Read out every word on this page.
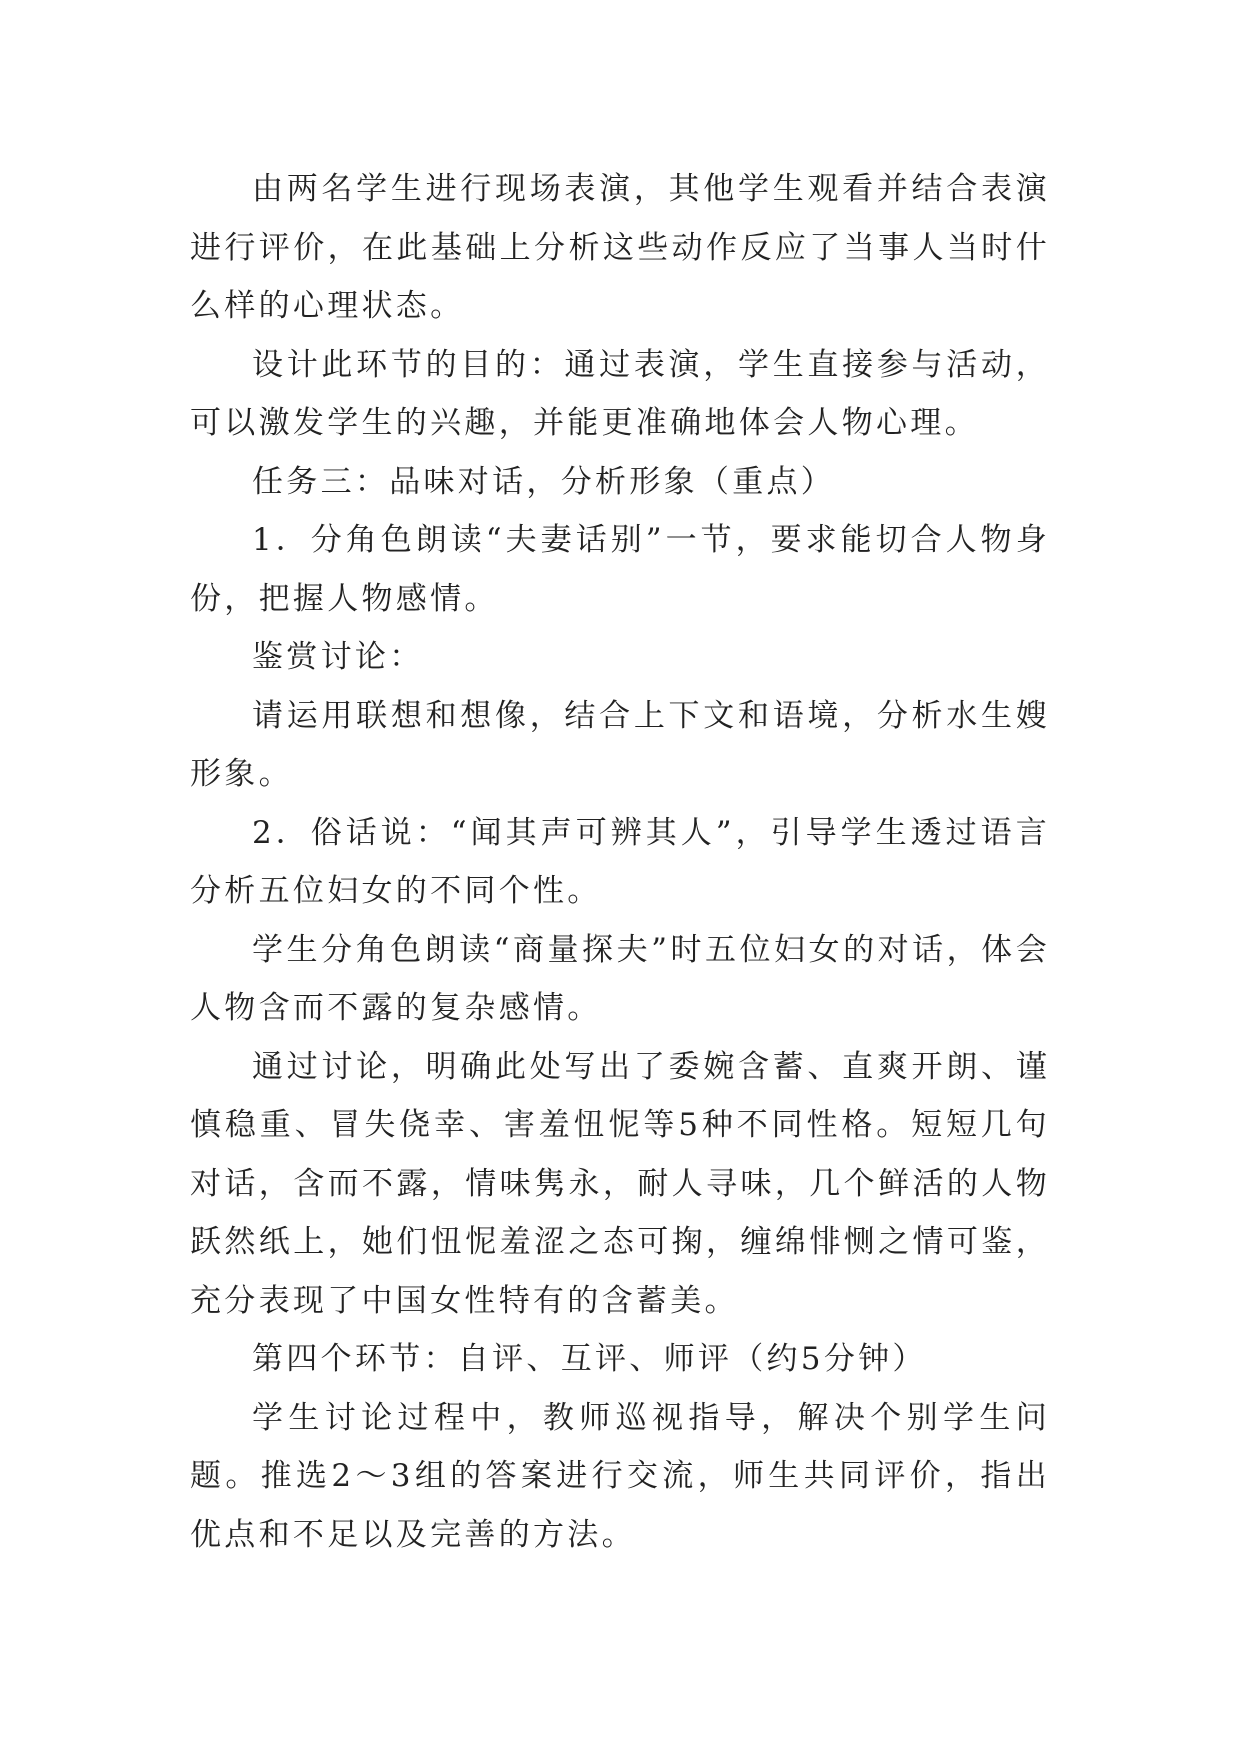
由两名学生进行现场表演，其他学生观看并结合表演进行评价，在此基础上分析这些动作反应了当事人当时什么样的心理状态。

设计此环节的目的：通过表演，学生直接参与活动，可以激发学生的兴趣，并能更准确地体会人物心理。

任务三：品味对话，分析形象（重点）

1．分角色朗读“夫妻话别”一节，要求能切合人物身份，把握人物感情。

鉴赏讨论：

请运用联想和想像，结合上下文和语境，分析水生嫂形象。

2．俗话说：“闻其声可辨其人”，引导学生透过语言分析五位妇女的不同个性。

学生分角色朗读“商量探夫”时五位妇女的对话，体会人物含而不露的复杂感情。

通过讨论，明确此处写出了委婉含蓄、直爽开朗、谨慎稳重、冒失侥幸、害羞忸怩等5种不同性格。短短几句对话，含而不露，情味隽永，耐人寻味，几个鲜活的人物跃然纸上，她们忸怩羞涩之态可掬，缠绵悱恻之情可鉴，充分表现了中国女性特有的含蓄美。

第四个环节：自评、互评、师评（约5分钟）

学生讨论过程中，教师巡视指导，解决个别学生问题。推选2～3组的答案进行交流，师生共同评价，指出优点和不足以及完善的方法。
